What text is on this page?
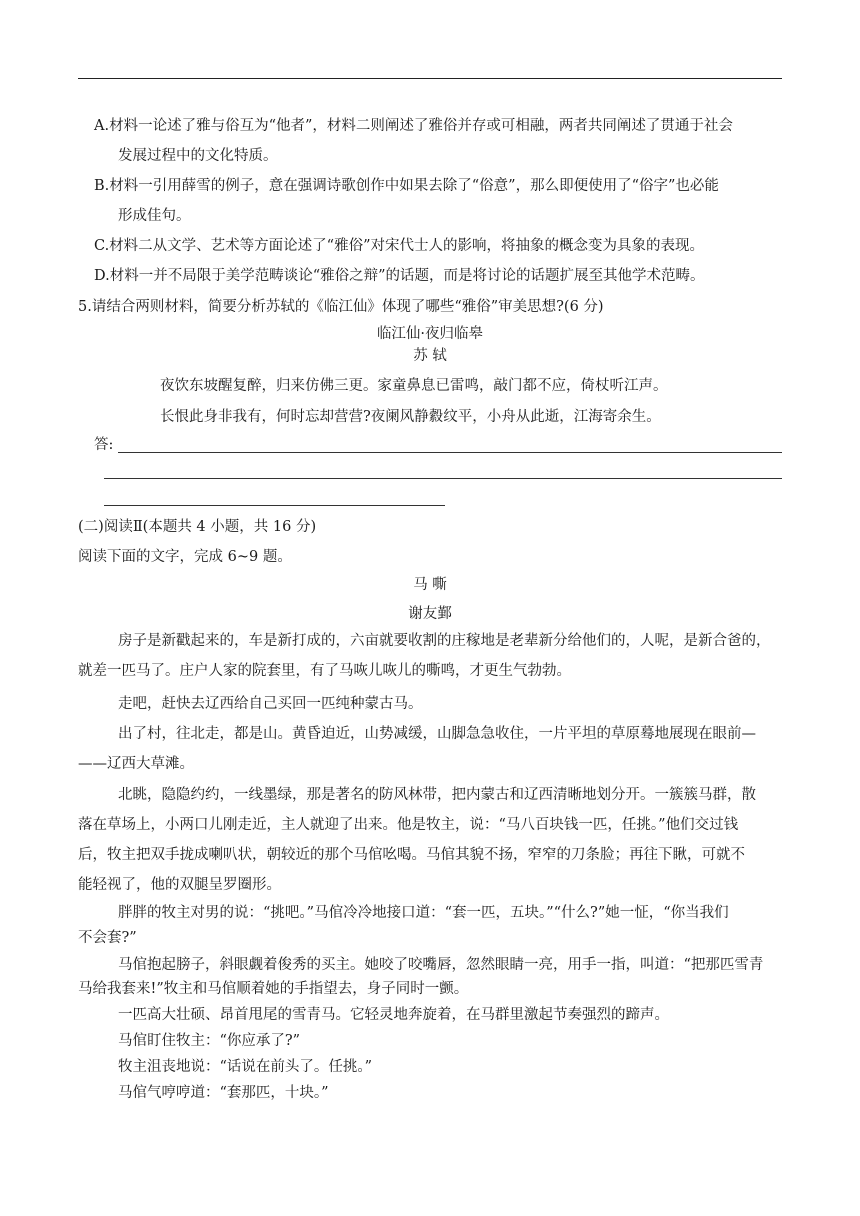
A.材料一论述了雅与俗互为“他者”，材料二则阐述了雅俗并存或可相融，两者共同阐述了贯通于社会
发展过程中的文化特质。
B.材料一引用薛雪的例子，意在强调诗歌创作中如果去除了“俗意”，那么即便使用了“俗字”也必能
形成佳句。
C.材料二从文学、艺术等方面论述了“雅俗”对宋代士人的影响，将抽象的概念变为具象的表现。
D.材料一并不局限于美学范畴谈论“雅俗之辩”的话题，而是将讨论的话题扩展至其他学术范畴。
5.请结合两则材料，简要分析苏轼的《临江仙》体现了哪些“雅俗”审美思想?(6 分)
临江仙·夜归临皋
苏 轼
夜饮东坡醒复醉，归来仿佛三更。家童鼻息已雷鸣，敲门都不应，倚杖听江声。
长恨此身非我有，何时忘却营营?夜阑风静縠纹平，小舟从此逝，江海寄余生。
答:
(二)阅读Ⅱ(本题共 4 小题，共 16 分)
阅读下面的文字，完成 6~9 题。
马 嘶
谢友鄞
房子是新戳起来的，车是新打成的，六亩就要收割的庄稼地是老辈新分给他们的，人呢，是新合爸的，
就差一匹马了。庄户人家的院套里，有了马咴儿咴儿的嘶鸣，才更生气勃勃。
走吧，赶快去辽西给自己买回一匹纯种蒙古马。
出了村，往北走，都是山。黄昏迫近，山势减缓，山脚急急收住，一片平坦的草原蓦地展现在眼前—
——辽西大草滩。
北眺，隐隐约约，一线墨绿，那是著名的防风林带，把内蒙古和辽西清晰地划分开。一簇簇马群，散
落在草场上，小两口儿刚走近，主人就迎了出来。他是牧主，说：“马八百块钱一匹，任挑。”他们交过钱
后，牧主把双手拢成喇叭状，朝较近的那个马倌吆喝。马倌其貌不扬，窄窄的刀条脸；再往下瞅，可就不
能轻视了，他的双腿呈罗圈形。
胖胖的牧主对男的说：“挑吧。”马倌冷冷地接口道：“套一匹，五块。”“什么?”她一怔，“你当我们
不会套?”
马倌抱起膀子，斜眼觑着俊秀的买主。她咬了咬嘴唇，忽然眼睛一亮，用手一指，叫道：“把那匹雪青
马给我套来!”牧主和马倌顺着她的手指望去，身子同时一颤。
一匹高大壮硕、昂首甩尾的雪青马。它轻灵地奔旋着，在马群里激起节奏强烈的蹄声。
马倌盯住牧主：“你应承了?”
牧主沮丧地说：“话说在前头了。任挑。”
马倌气哼哼道：“套那匹，十块。”
